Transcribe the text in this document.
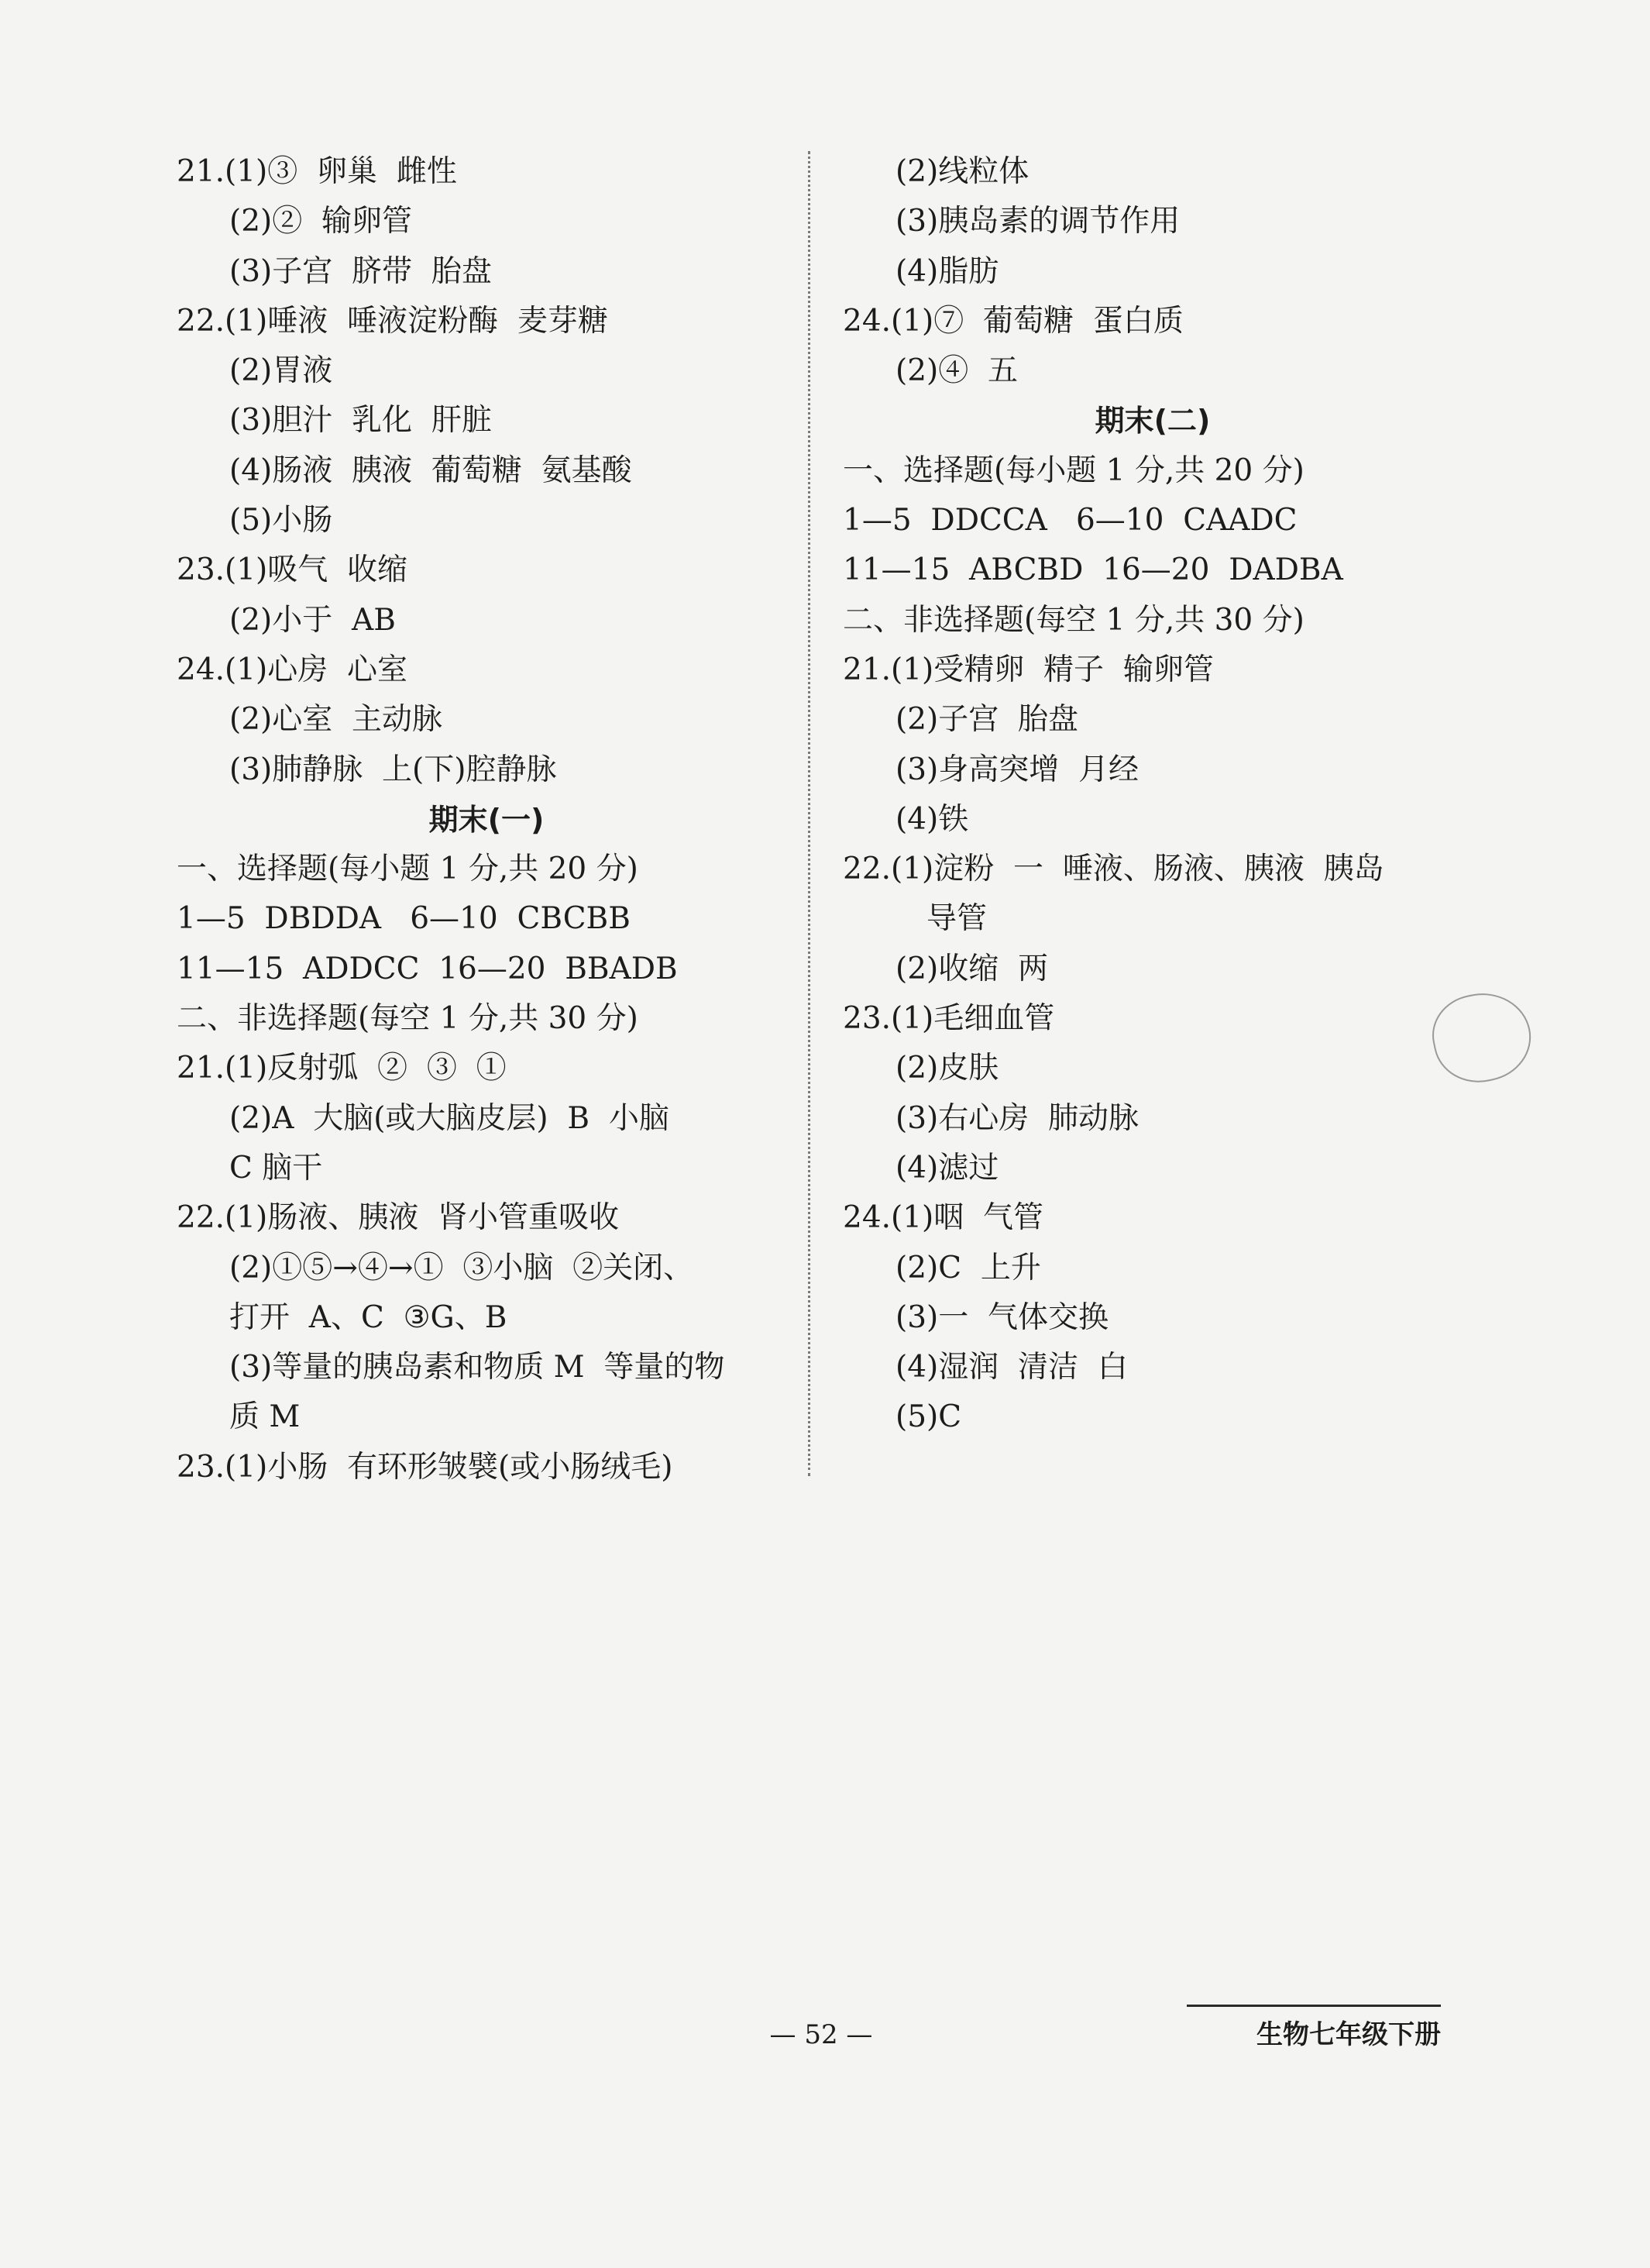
21.(1)③  卵巢  雌性
(2)②  输卵管
(3)子宫  脐带  胎盘
22.(1)唾液  唾液淀粉酶  麦芽糖
(2)胃液
(3)胆汁  乳化  肝脏
(4)肠液  胰液  葡萄糖  氨基酸
(5)小肠
23.(1)吸气  收缩
(2)小于  AB
24.(1)心房  心室
(2)心室  主动脉
(3)肺静脉  上(下)腔静脉
期末(一)
一、选择题(每小题 1 分,共 20 分)
1—5  DBDDA   6—10  CBCBB
11—15  ADDCC  16—20  BBADB
二、非选择题(每空 1 分,共 30 分)
21.(1)反射弧  ②  ③  ①
(2)A  大脑(或大脑皮层)  B  小脑
C 脑干
22.(1)肠液、胰液  肾小管重吸收
(2)①⑤→④→①  ③小脑  ②关闭、
打开  A、C  ③G、B
(3)等量的胰岛素和物质 M  等量的物
质 M
23.(1)小肠  有环形皱襞(或小肠绒毛)
(2)线粒体
(3)胰岛素的调节作用
(4)脂肪
24.(1)⑦  葡萄糖  蛋白质
(2)④  五
期末(二)
一、选择题(每小题 1 分,共 20 分)
1—5  DDCCA   6—10  CAADC
11—15  ABCBD  16—20  DADBA
二、非选择题(每空 1 分,共 30 分)
21.(1)受精卵  精子  输卵管
(2)子宫  胎盘
(3)身高突增  月经
(4)铁
22.(1)淀粉  一  唾液、肠液、胰液  胰岛
导管
(2)收缩  两
23.(1)毛细血管
(2)皮肤
(3)右心房  肺动脉
(4)滤过
24.(1)咽  气管
(2)C  上升
(3)一  气体交换
(4)湿润  清洁  白
(5)C
— 52 —	生物七年级下册
